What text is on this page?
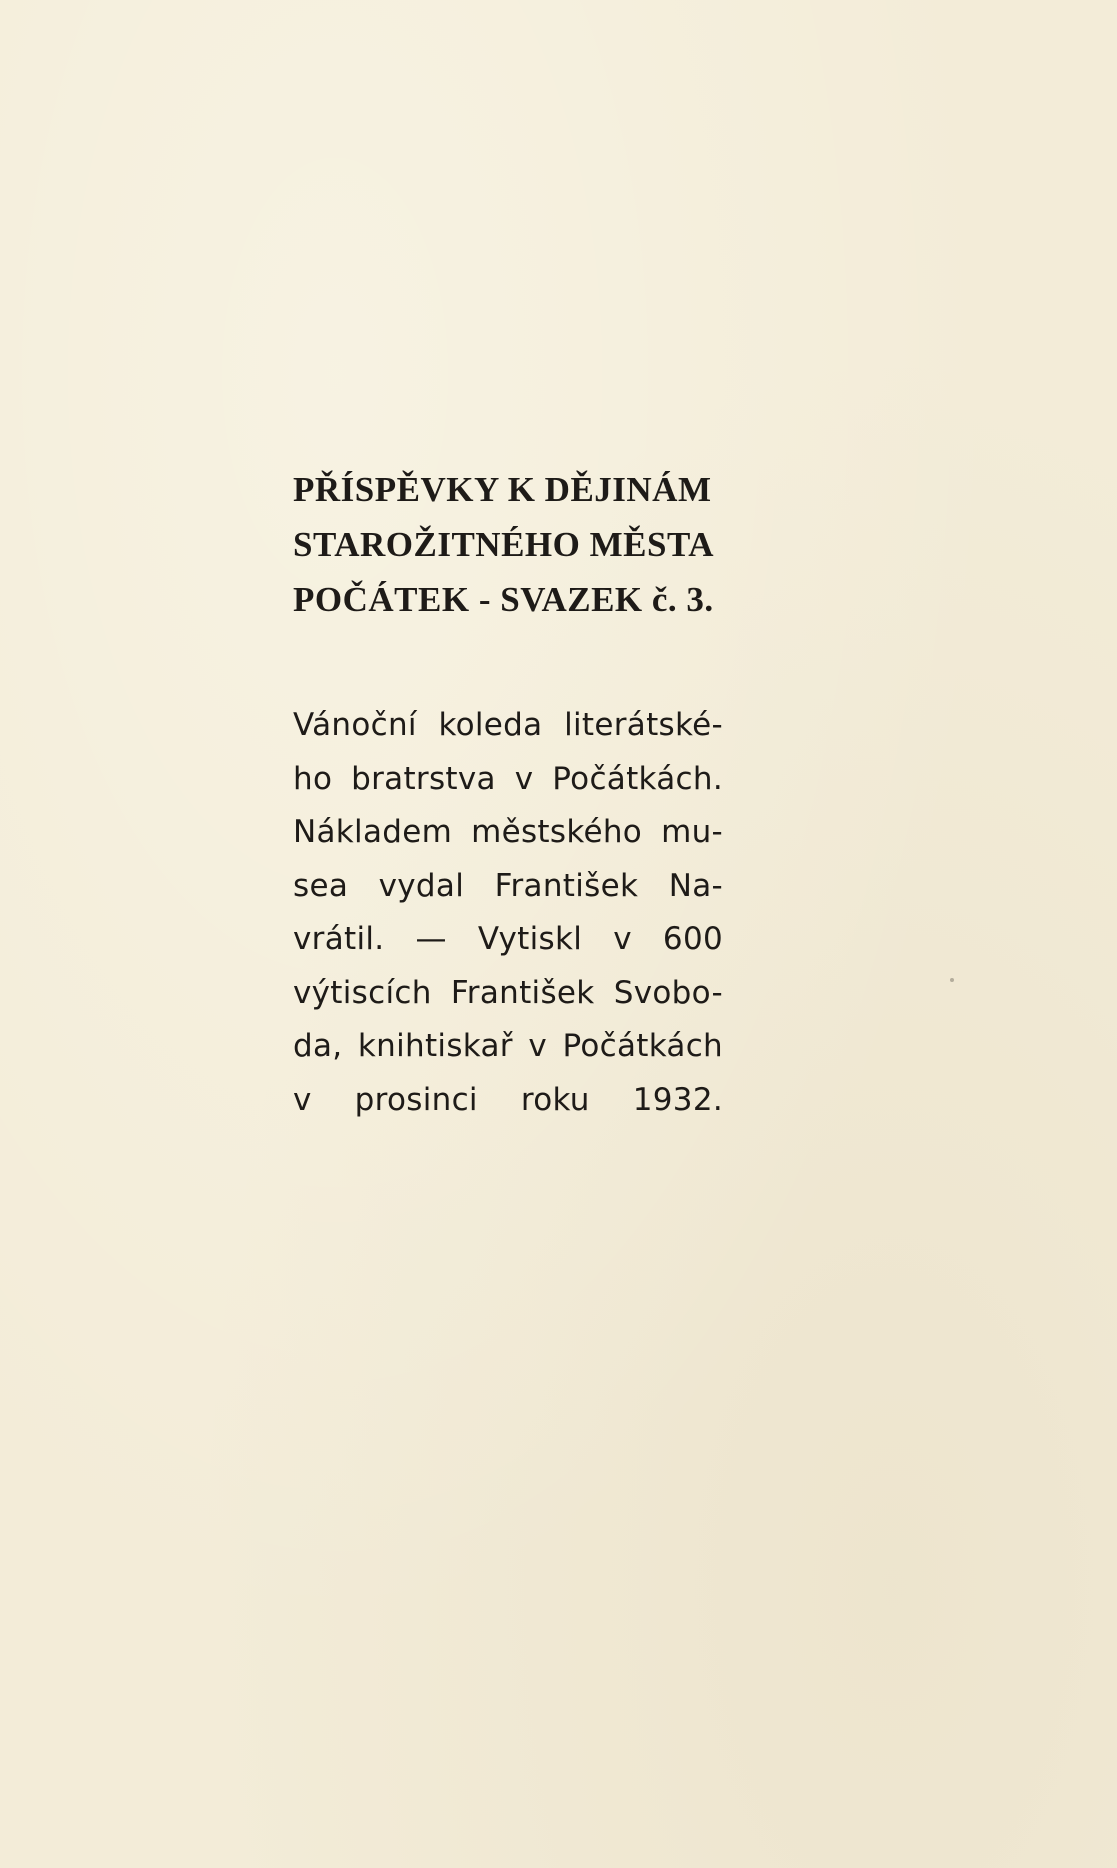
PŘÍSPĚVKY K DĚJINÁM
STAROŽITNÉHO MĚSTA
POČÁTEK - SVAZEK č. 3.
Vánoční koleda literátské-
ho bratrstva v Počátkách.
Nákladem městského mu-
sea vydal František Na-
vrátil. — Vytiskl v 600
výtiscích František Svobo-
da, knihtiskař v Počátkách
v prosinci roku 1932.
